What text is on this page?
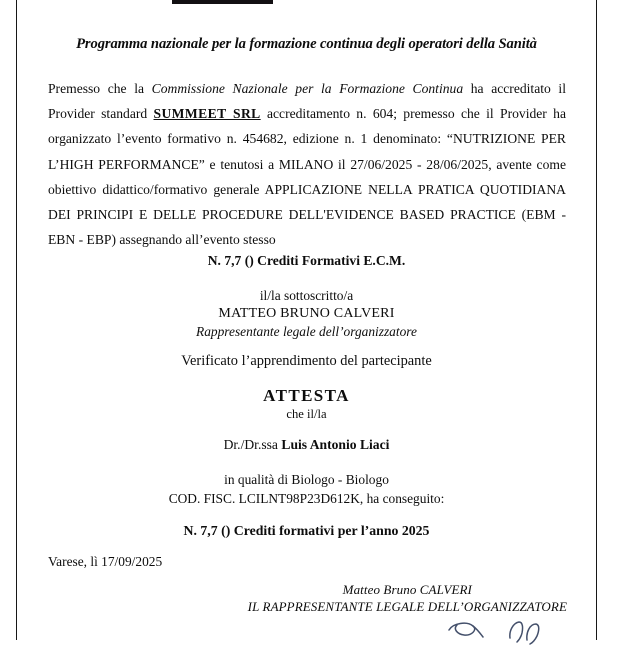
Programma nazionale per la formazione continua degli operatori della Sanità
Premesso che la Commissione Nazionale per la Formazione Continua ha accreditato il Provider standard SUMMEET SRL accreditamento n. 604; premesso che il Provider ha organizzato l’evento formativo n. 454682, edizione n. 1 denominato: “NUTRIZIONE PER L’HIGH PERFORMANCE” e tenutosi a MILANO il 27/06/2025 - 28/06/2025, avente come obiettivo didattico/formativo generale APPLICAZIONE NELLA PRATICA QUOTIDIANA DEI PRINCIPI E DELLE PROCEDURE DELL'EVIDENCE BASED PRACTICE (EBM - EBN - EBP) assegnando all’evento stesso
N. 7,7 () Crediti Formativi E.C.M.
il/la sottoscritto/a
MATTEO BRUNO CALVERI
Rappresentante legale dell’organizzatore
Verificato l’apprendimento del partecipante
ATTESTA
che il/la
Dr./Dr.ssa Luis Antonio Liaci
in qualità di Biologo - Biologo
COD. FISC. LCILNT98P23D612K, ha conseguito:
N. 7,7 () Crediti formativi per l’anno 2025
Varese, lì 17/09/2025
Matteo Bruno CALVERI
IL RAPPRESENTANTE LEGALE DELL’ORGANIZZATORE
